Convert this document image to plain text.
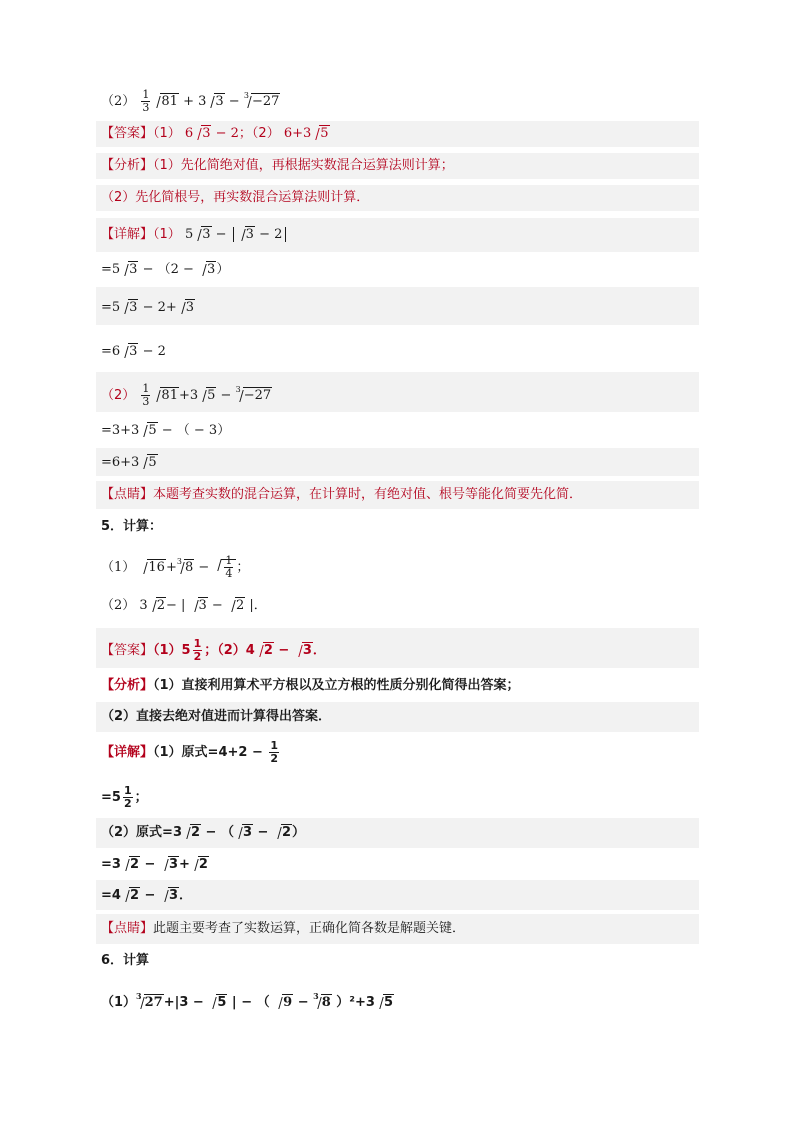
$(2) \frac{1}{3} 81 + 3$ 3 − $^3$ −27
【答案】（1） 6 3 − 2；（2） 6+3 5
【分析】（1）先化简绝对值，再根据实数混合运算法则计算；
（2）先化简根号，再实数混合运算法则计算．
【详解】（1） 5 3 − 3 − 2
=5 3 − （2 − 3）
=5 3 − 2+ 3
=6 3 − 2
$(2) \frac{1}{3} 81+3$ 5 − $^3$ −27
=3+3 5 − （ − 3）
=6+3 5
【点睛】本题考查实数的混合运算，在计算时，有绝对值、根号等能化简要先化简．
5．计算：
（1） 16+$^3$ $8 - \frac{1}{4}$ ；
（2） 3 2− | 3 − 2 |．
【答案】$(1)5 \frac{1}{2}$ ；（2）4 2 − 3．
【分析】（1）直接利用算术平方根以及立方根的性质分别化简得出答案；
（2）直接去绝对值进而计算得出答案．
【详解】（1）原式$=4+2 - \frac{1}{2}$
$=5 \frac{1}{2}$ ；
（2）原式=3 2 − （ 3 − 2）
=3 2 − 3+ 2
=4 2 − 3．
【点睛】此题主要考查了实数运算，正确化简各数是解题关键．
6．计算
$(1)^3$ 27+|3 − 5 | − （ 9 − $^3$ 8 ）²+3 5
